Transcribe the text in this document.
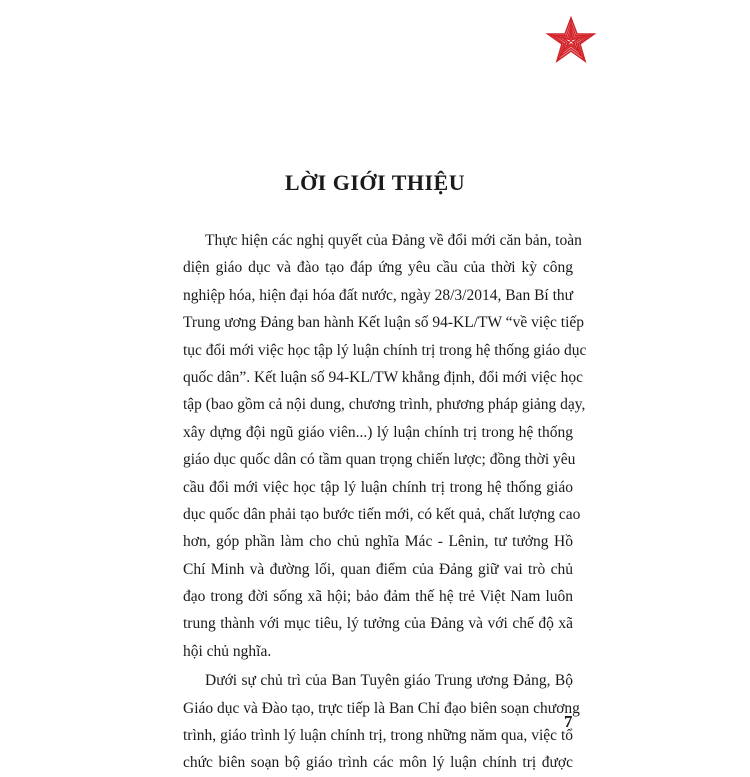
LỜI GIỚI THIỆU
Thực hiện các nghị quyết của Đảng về đổi mới căn bản, toàn
diện giáo dục và đào tạo đáp ứng yêu cầu của thời kỳ công
nghiệp hóa, hiện đại hóa đất nước, ngày 28/3/2014, Ban Bí thư
Trung ương Đảng ban hành Kết luận số 94-KL/TW “về việc tiếp
tục đổi mới việc học tập lý luận chính trị trong hệ thống giáo dục
quốc dân”. Kết luận số 94-KL/TW khẳng định, đổi mới việc học
tập (bao gồm cả nội dung, chương trình, phương pháp giảng dạy,
xây dựng đội ngũ giáo viên...) lý luận chính trị trong hệ thống
giáo dục quốc dân có tầm quan trọng chiến lược; đồng thời yêu
cầu đổi mới việc học tập lý luận chính trị trong hệ thống giáo
dục quốc dân phải tạo bước tiến mới, có kết quả, chất lượng cao
hơn, góp phần làm cho chủ nghĩa Mác - Lênin, tư tưởng Hồ
Chí Minh và đường lối, quan điểm của Đảng giữ vai trò chủ
đạo trong đời sống xã hội; bảo đảm thế hệ trẻ Việt Nam luôn
trung thành với mục tiêu, lý tưởng của Đảng và với chế độ xã
hội chủ nghĩa.
Dưới sự chủ trì của Ban Tuyên giáo Trung ương Đảng, Bộ
Giáo dục và Đào tạo, trực tiếp là Ban Chỉ đạo biên soạn chương
trình, giáo trình lý luận chính trị, trong những năm qua, việc tổ
chức biên soạn bộ giáo trình các môn lý luận chính trị được
7
